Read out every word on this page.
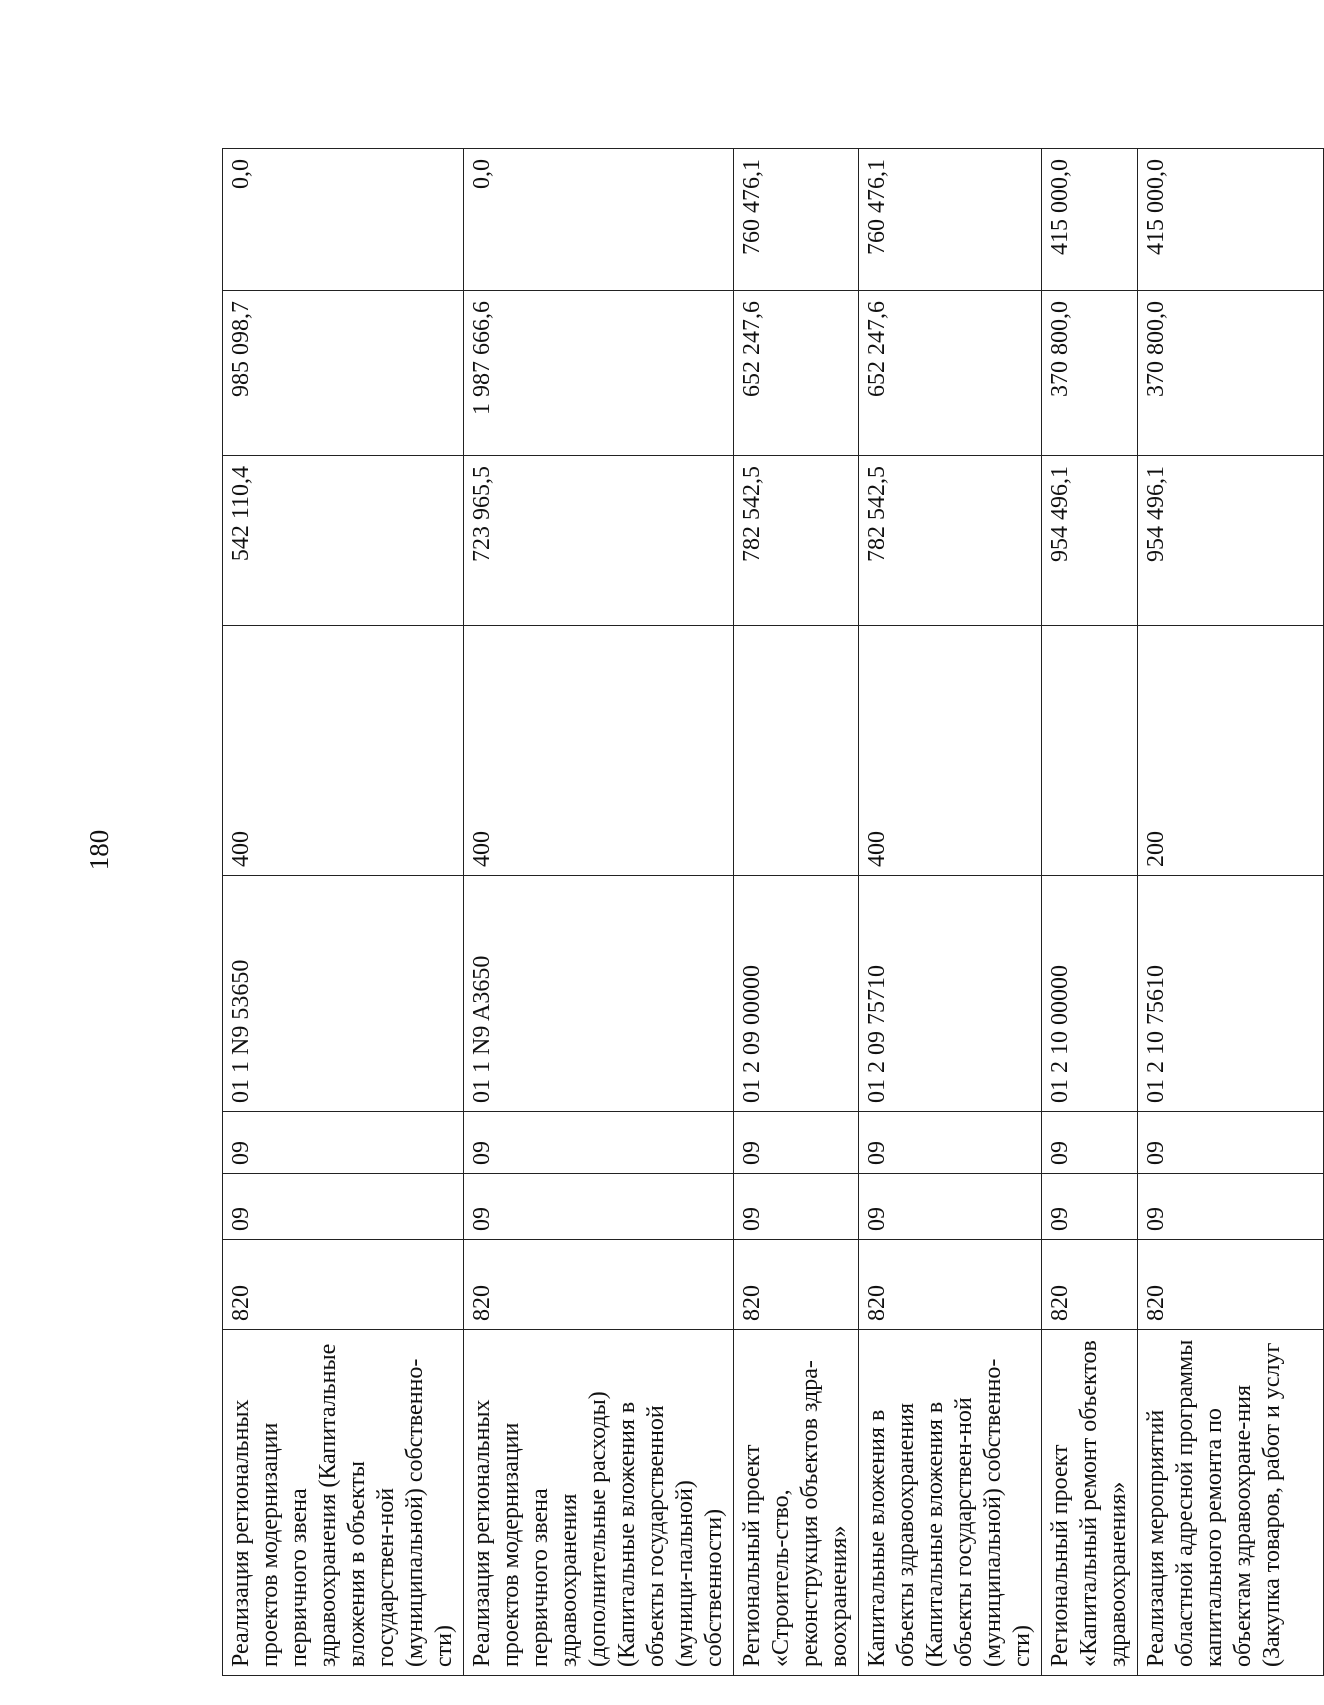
180
Реализация региональных проектов модернизации первичного звена здравоохранения (Капитальные вложения в объекты государствен-ной (муниципальной) собственно-сти)	820	09	09	01 1 N9 53650	400	542 110,4	985 098,7	0,0
Реализация региональных проектов модернизации первичного звена здравоохранения (дополнительные расходы) (Капитальные вложения в объекты государственной (муници-пальной) собственности)	820	09	09	01 1 N9 A3650	400	723 965,5	1 987 666,6	0,0
Региональный проект «Строитель-ство, реконструкция объектов здра-воохранения»	820	09	09	01 2 09 00000		782 542,5	652 247,6	760 476,1
Капитальные вложения в объекты здравоохранения (Капитальные вложения в объекты государствен-ной (муниципальной) собственно-сти)	820	09	09	01 2 09 75710	400	782 542,5	652 247,6	760 476,1
Региональный проект «Капитальный ремонт объектов здравоохранения»	820	09	09	01 2 10 00000		954 496,1	370 800,0	415 000,0
Реализация мероприятий областной адресной программы капитального ремонта по объектам здравоохране-ния (Закупка товаров, работ и услуг	820	09	09	01 2 10 75610	200	954 496,1	370 800,0	415 000,0
